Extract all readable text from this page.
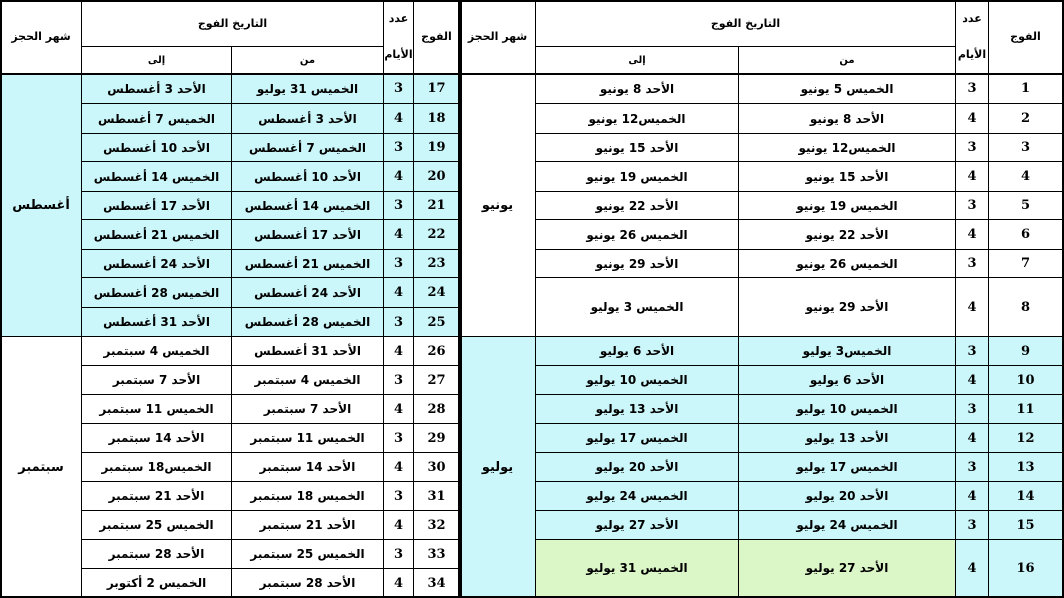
الفوج
عدد
الأيام
التاريخ الفوج
من
إلى
شهر الحجز
1
3
الخميس 5 يونيو
الأحد 8 يونيو
2
4
الأحد 8 يونيو
الخميس12 يونيو
3
3
الخميس12 يونيو
الأحد 15 يونيو
4
4
الأحد 15 يونيو
الخميس 19 يونيو
5
3
الخميس 19 يونيو
الأحد 22 يونيو
6
4
الأحد 22 يونيو
الخميس 26 يونيو
7
3
الخميس 26 يونيو
الأحد 29 يونيو
8
4
الأحد 29 يونيو
الخميس 3 يوليو
9
3
الخميس3 يوليو
الأحد 6 يوليو
10
4
الأحد 6 يوليو
الخميس 10 يوليو
11
3
الخميس 10 يوليو
الأحد 13 يوليو
12
4
الأحد 13 يوليو
الخميس 17 يوليو
13
3
الخميس 17 يوليو
الأحد 20 يوليو
14
4
الأحد 20 يوليو
الخميس 24 يوليو
15
3
الخميس 24 يوليو
الأحد 27 يوليو
16
4
الأحد 27 يوليو
الخميس 31 يوليو
يونيو
يوليو
الفوج
عدد
الأيام
التاريخ الفوج
من
إلى
شهر الحجز
17
3
الخميس 31 يوليو
الأحد 3 أغسطس
18
4
الأحد 3 أغسطس
الخميس 7 أغسطس
19
3
الخميس 7 أغسطس
الأحد 10 أغسطس
20
4
الأحد 10 أغسطس
الخميس 14 أغسطس
21
3
الخميس 14 أغسطس
الأحد 17 أغسطس
22
4
الأحد 17 أغسطس
الخميس 21 أغسطس
23
3
الخميس 21 أغسطس
الأحد 24 أغسطس
24
4
الأحد 24 أغسطس
الخميس 28 أغسطس
25
3
الخميس 28 أغسطس
الأحد 31 أغسطس
26
4
الأحد 31 أغسطس
الخميس 4 سبتمبر
27
3
الخميس 4 سبتمبر
الأحد 7 سبتمبر
28
4
الأحد 7 سبتمبر
الخميس 11 سبتمبر
29
3
الخميس 11 سبتمبر
الأحد 14 سبتمبر
30
4
الأحد 14 سبتمبر
الخميس18 سبتمبر
31
3
الخميس 18 سبتمبر
الأحد 21 سبتمبر
32
4
الأحد 21 سبتمبر
الخميس 25 سبتمبر
33
3
الخميس 25 سبتمبر
الأحد 28 سبتمبر
34
4
الأحد 28 سبتمبر
الخميس 2 أكتوبر
أغسطس
سبتمبر
